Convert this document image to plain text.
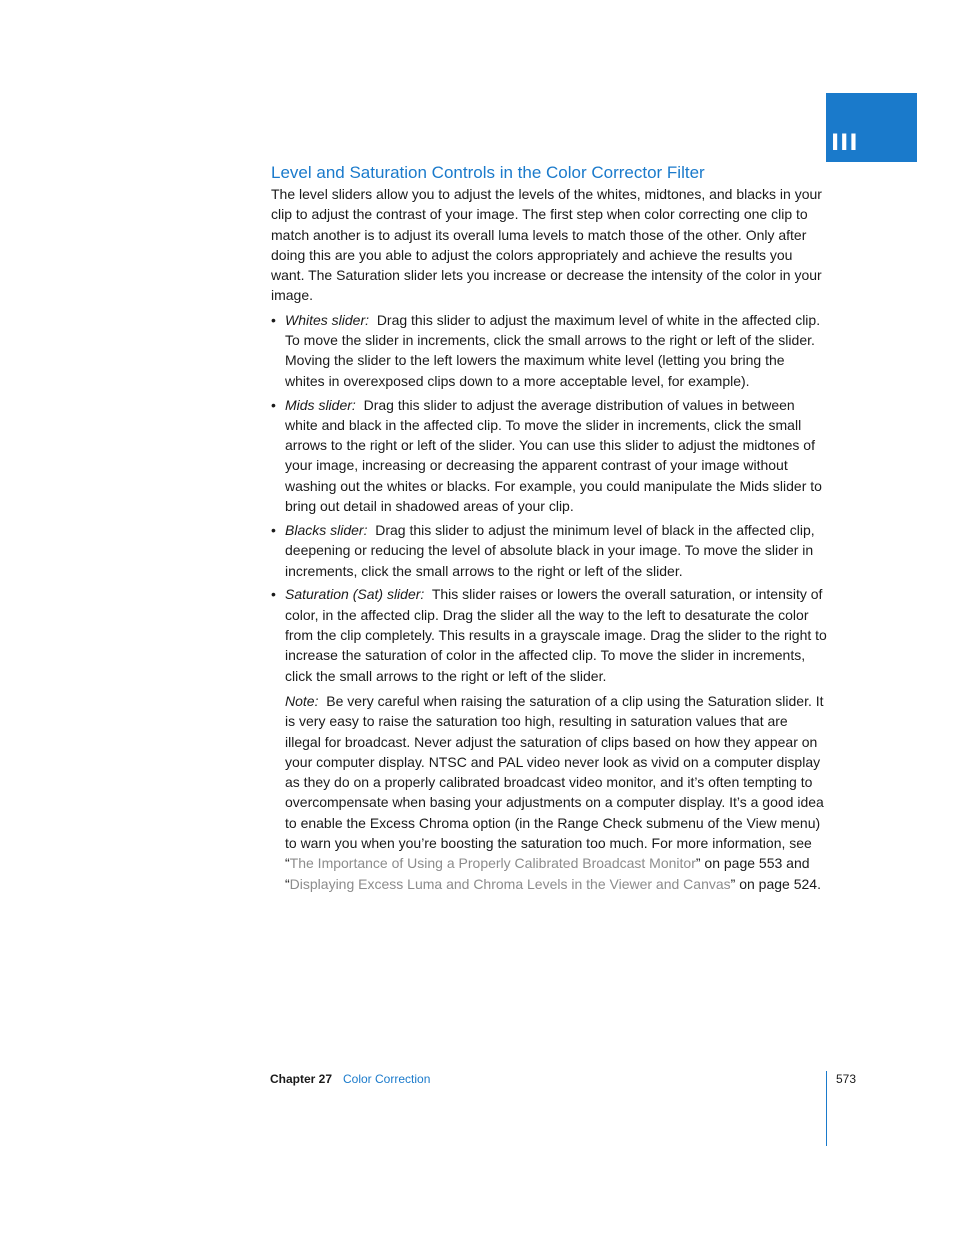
III
Level and Saturation Controls in the Color Corrector Filter

The level sliders allow you to adjust the levels of the whites, midtones, and blacks in your clip to adjust the contrast of your image. The first step when color correcting one clip to match another is to adjust its overall luma levels to match those of the other. Only after doing this are you able to adjust the colors appropriately and achieve the results you want. The Saturation slider lets you increase or decrease the intensity of the color in your image.

• Whites slider: Drag this slider to adjust the maximum level of white in the affected clip. To move the slider in increments, click the small arrows to the right or left of the slider. Moving the slider to the left lowers the maximum white level (letting you bring the whites in overexposed clips down to a more acceptable level, for example).
• Mids slider: Drag this slider to adjust the average distribution of values in between white and black in the affected clip. To move the slider in increments, click the small arrows to the right or left of the slider. You can use this slider to adjust the midtones of your image, increasing or decreasing the apparent contrast of your image without washing out the whites or blacks. For example, you could manipulate the Mids slider to bring out detail in shadowed areas of your clip.
• Blacks slider: Drag this slider to adjust the minimum level of black in the affected clip, deepening or reducing the level of absolute black in your image. To move the slider in increments, click the small arrows to the right or left of the slider.
• Saturation (Sat) slider: This slider raises or lowers the overall saturation, or intensity of color, in the affected clip. Drag the slider all the way to the left to desaturate the color from the clip completely. This results in a grayscale image. Drag the slider to the right to increase the saturation of color in the affected clip. To move the slider in increments, click the small arrows to the right or left of the slider.

Note: Be very careful when raising the saturation of a clip using the Saturation slider. It is very easy to raise the saturation too high, resulting in saturation values that are illegal for broadcast. Never adjust the saturation of clips based on how they appear on your computer display. NTSC and PAL video never look as vivid on a computer display as they do on a properly calibrated broadcast video monitor, and it’s often tempting to overcompensate when basing your adjustments on a computer display. It’s a good idea to enable the Excess Chroma option (in the Range Check submenu of the View menu) to warn you when you’re boosting the saturation too much. For more information, see “The Importance of Using a Properly Calibrated Broadcast Monitor” on page 553 and “Displaying Excess Luma and Chroma Levels in the Viewer and Canvas” on page 524.

Chapter 27 Color Correction	573
